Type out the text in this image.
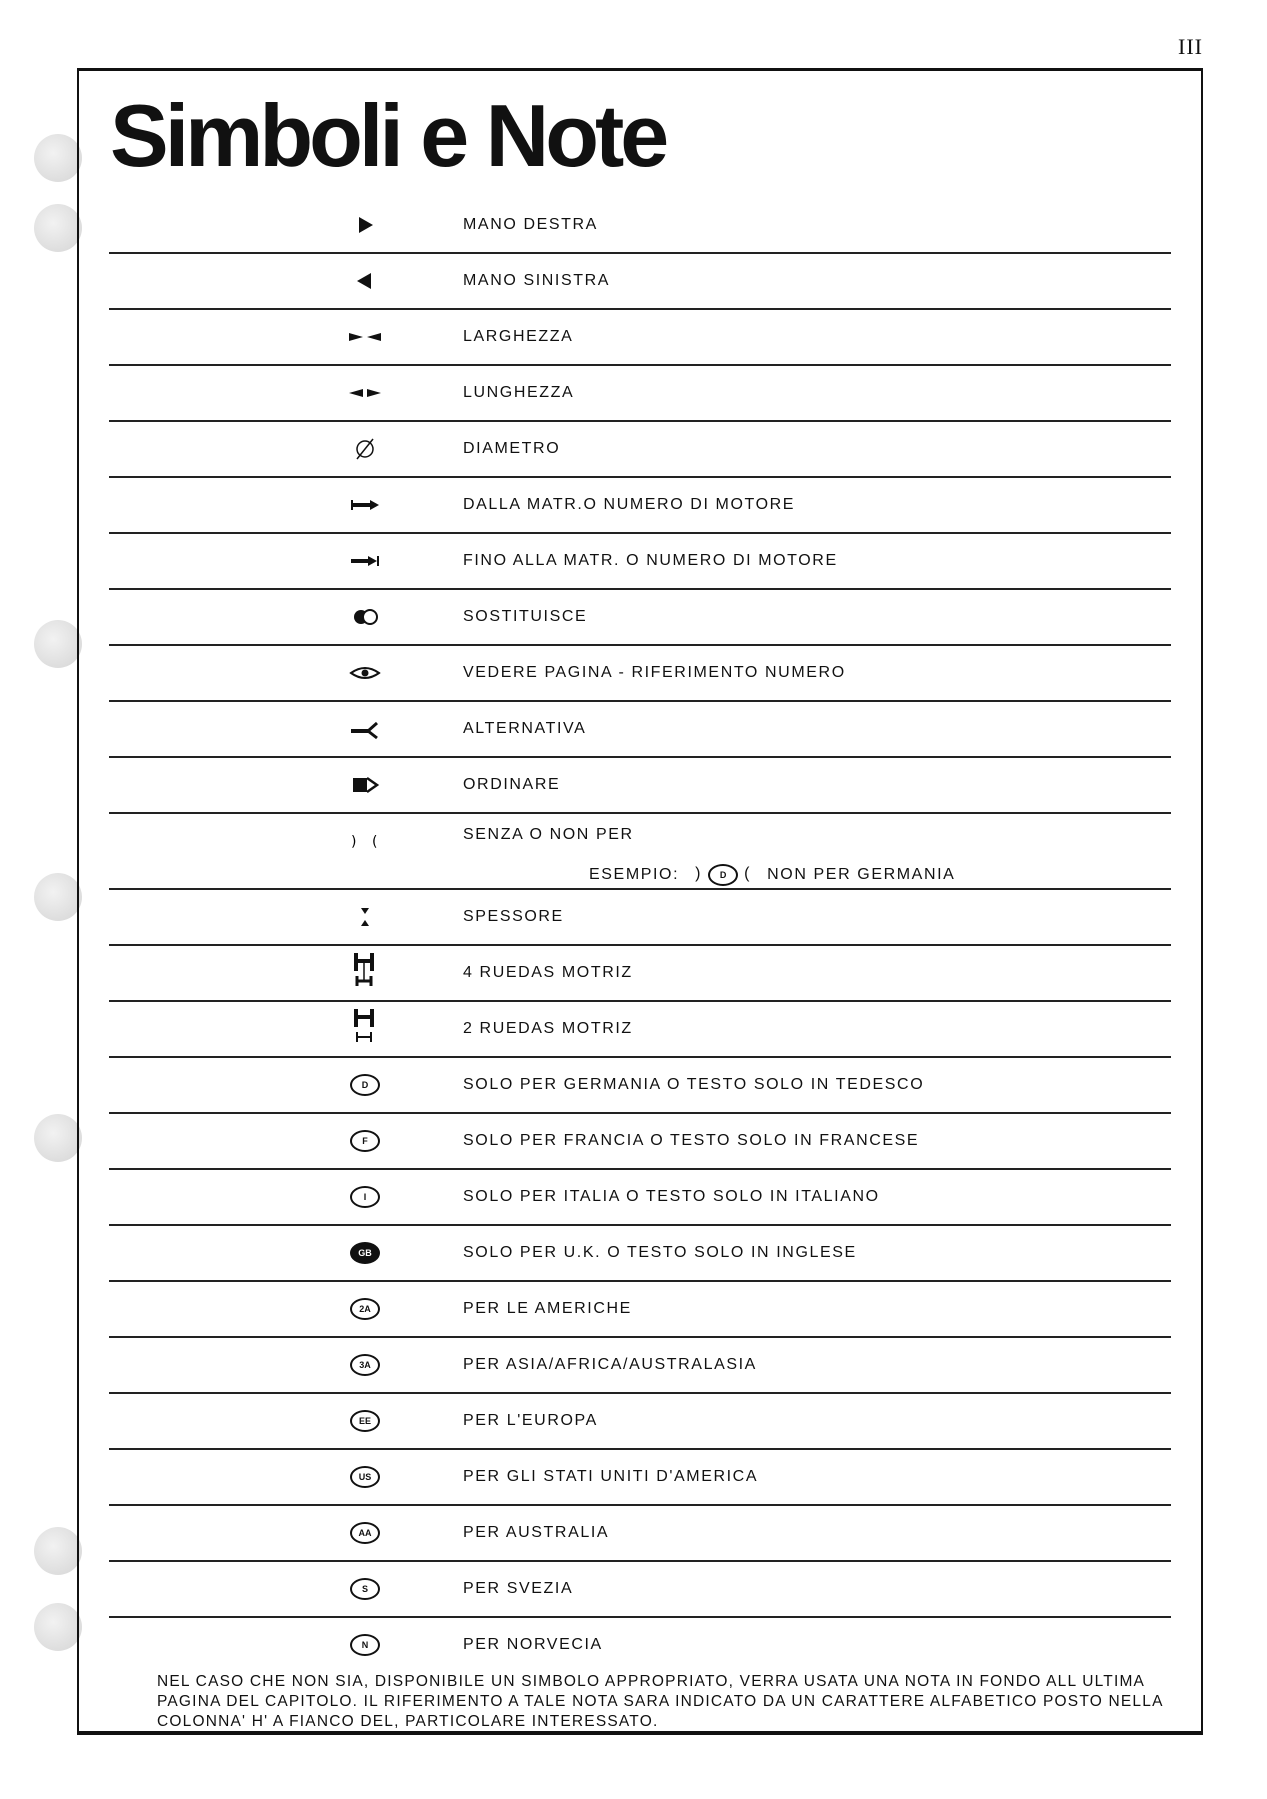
III
Simboli e Note
MANO DESTRA
MANO SINISTRA
LARGHEZZA
LUNGHEZZA
DIAMETRO
DALLA MATR.O NUMERO DI MOTORE
FINO ALLA MATR. O NUMERO DI MOTORE
SOSTITUISCE
VEDERE PAGINA - RIFERIMENTO NUMERO
ALTERNATIVA
ORDINARE
) (	SENZA O NON PER
ESEMPIO: ) D ( NON PER GERMANIA
SPESSORE
4 RUEDAS MOTRIZ
2 RUEDAS MOTRIZ
D	SOLO PER GERMANIA O TESTO SOLO IN TEDESCO
F	SOLO PER FRANCIA O TESTO SOLO IN FRANCESE
I	SOLO PER ITALIA O TESTO SOLO IN ITALIANO
GB	SOLO PER U.K. O TESTO SOLO IN INGLESE
2A	PER LE AMERICHE
3A	PER ASIA/AFRICA/AUSTRALASIA
EE	PER L'EUROPA
US	PER GLI STATI UNITI D'AMERICA
AA	PER AUSTRALIA
S	PER SVEZIA
N	PER NORVECIA
NEL CASO CHE NON SIA, DISPONIBILE UN SIMBOLO APPROPRIATO, VERRA USATA UNA NOTA IN FONDO ALL ULTIMA PAGINA DEL CAPITOLO. IL RIFERIMENTO A TALE NOTA SARA INDICATO DA UN CARATTERE ALFABETICO POSTO NELLA COLONNA' H' A FIANCO DEL, PARTICOLARE INTERESSATO.
